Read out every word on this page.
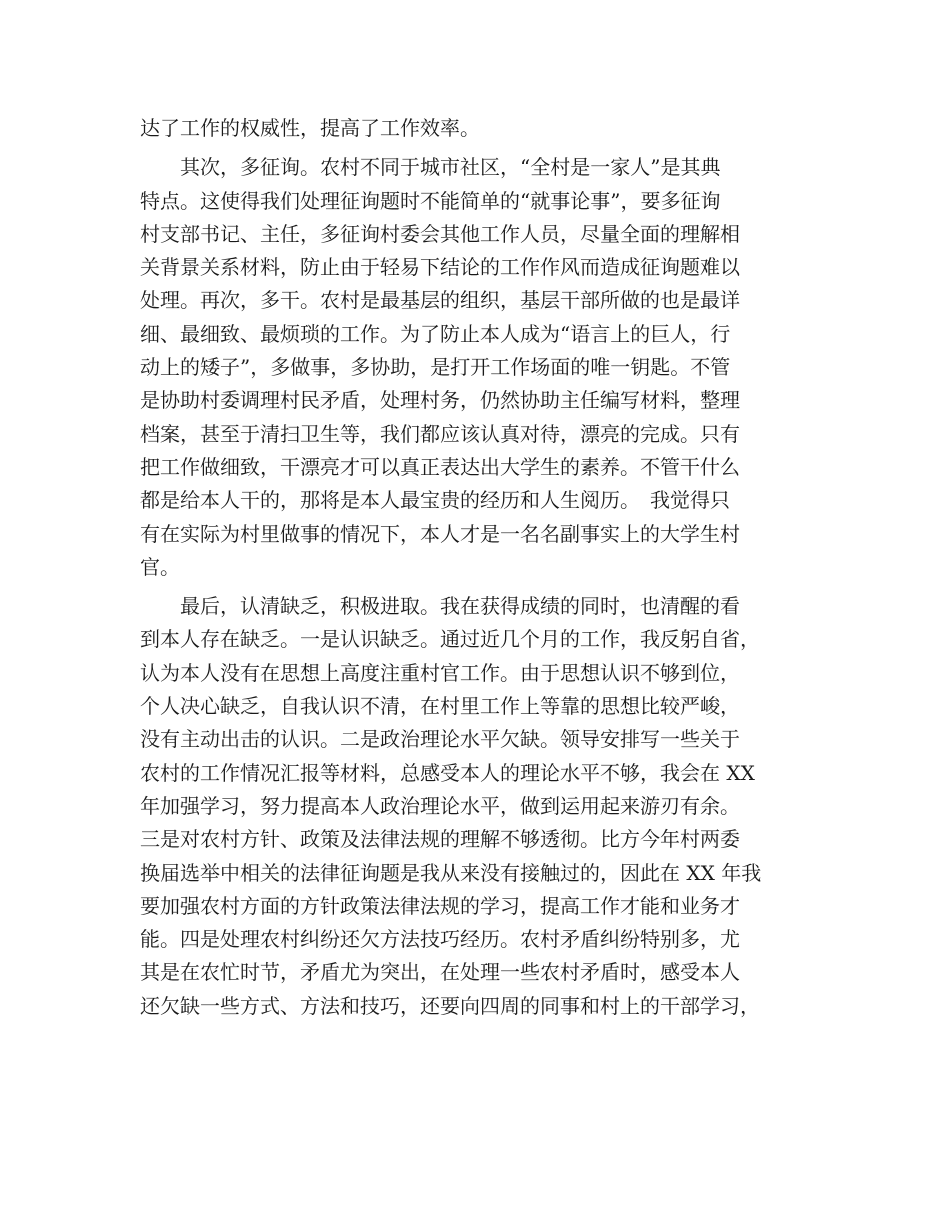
达了工作的权威性，提高了工作效率。
　　其次，多征询。农村不同于城市社区，“全村是一家人”是其典
特点。这使得我们处理征询题时不能简单的“就事论事”，要多征询
村支部书记、主任，多征询村委会其他工作人员，尽量全面的理解相
关背景关系材料，防止由于轻易下结论的工作作风而造成征询题难以
处理。再次，多干。农村是最基层的组织，基层干部所做的也是最详
细、最细致、最烦琐的工作。为了防止本人成为“语言上的巨人，行
动上的矮子”，多做事，多协助，是打开工作场面的唯一钥匙。不管
是协助村委调理村民矛盾，处理村务，仍然协助主任编写材料，整理
档案，甚至于清扫卫生等，我们都应该认真对待，漂亮的完成。只有
把工作做细致，干漂亮才可以真正表达出大学生的素养。不管干什么
都是给本人干的，那将是本人最宝贵的经历和人生阅历。　我觉得只
有在实际为村里做事的情况下，本人才是一名名副事实上的大学生村
官。
　　最后，认清缺乏，积极进取。我在获得成绩的同时，也清醒的看
到本人存在缺乏。一是认识缺乏。通过近几个月的工作，我反躬自省，
认为本人没有在思想上高度注重村官工作。由于思想认识不够到位，
个人决心缺乏，自我认识不清，在村里工作上等靠的思想比较严峻，
没有主动出击的认识。二是政治理论水平欠缺。领导安排写一些关于
农村的工作情况汇报等材料，总感受本人的理论水平不够，我会在 XX
年加强学习，努力提高本人政治理论水平，做到运用起来游刃有余。
三是对农村方针、政策及法律法规的理解不够透彻。比方今年村两委
换届选举中相关的法律征询题是我从来没有接触过的，因此在 XX 年我
要加强农村方面的方针政策法律法规的学习，提高工作才能和业务才
能。四是处理农村纠纷还欠方法技巧经历。农村矛盾纠纷特别多，尤
其是在农忙时节，矛盾尤为突出，在处理一些农村矛盾时，感受本人
还欠缺一些方式、方法和技巧，还要向四周的同事和村上的干部学习，
